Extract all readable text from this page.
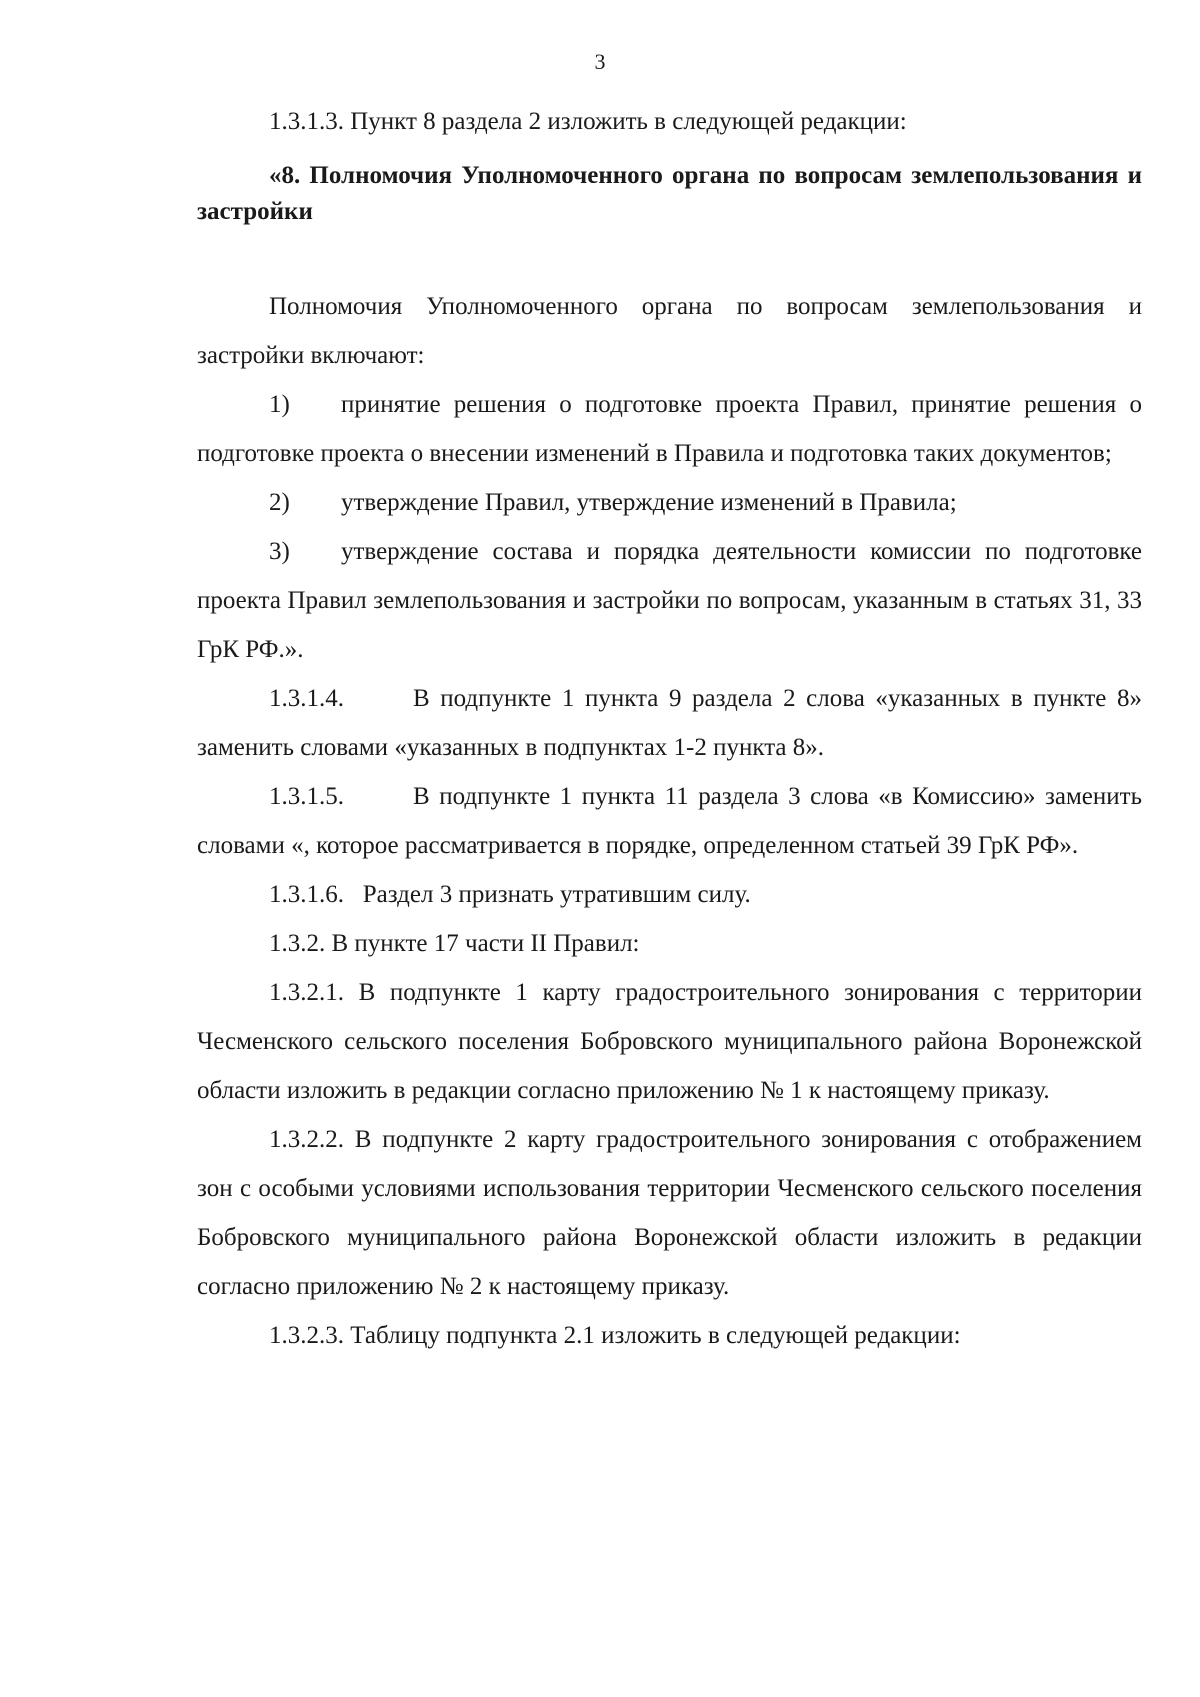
3

1.3.1.3. Пункт 8 раздела 2 изложить в следующей редакции:

«8. Полномочия Уполномоченного органа по вопросам землепользования и застройки

Полномочия Уполномоченного органа по вопросам землепользования и застройки включают:

1) принятие решения о подготовке проекта Правил, принятие решения о подготовке проекта о внесении изменений в Правила и подготовка таких документов;

2) утверждение Правил, утверждение изменений в Правила;

3) утверждение состава и порядка деятельности комиссии по подготовке проекта Правил землепользования и застройки по вопросам, указанным в статьях 31, 33 ГрК РФ.».

1.3.1.4.	В подпункте 1 пункта 9 раздела 2 слова «указанных в пункте 8» заменить словами «указанных в подпунктах 1-2 пункта 8».

1.3.1.5.	В подпункте 1 пункта 11 раздела 3 слова «в Комиссию» заменить словами «, которое рассматривается в порядке, определенном статьей 39 ГрК РФ».

1.3.1.6.   Раздел 3 признать утратившим силу.

1.3.2. В пункте 17 части II Правил:

1.3.2.1. В подпункте 1 карту градостроительного зонирования с территории Чесменского сельского поселения Бобровского муниципального района Воронежской области изложить в редакции согласно приложению № 1 к настоящему приказу.

1.3.2.2. В подпункте 2 карту градостроительного зонирования с отображением зон с особыми условиями использования территории Чесменского сельского поселения Бобровского муниципального района Воронежской области изложить в редакции согласно приложению № 2 к настоящему приказу.

1.3.2.3. Таблицу подпункта 2.1 изложить в следующей редакции:
